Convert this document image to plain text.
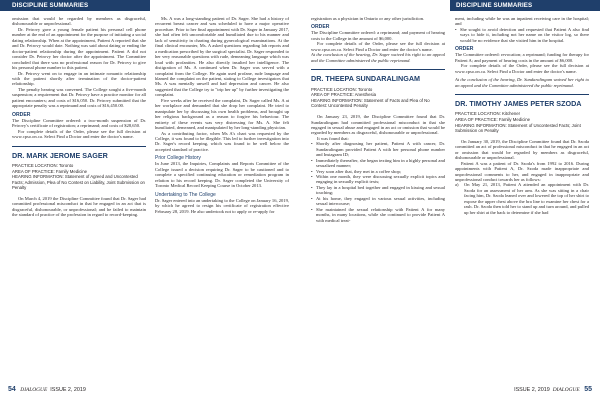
DISCIPLINE SUMMARIES	DISCIPLINE SUMMARIES

omission that would be regarded by members as disgraceful, dishonourable or unprofessional.

Dr. Peirovy gave a young female patient his personal cell phone number at the end of an appointment for the purpose of initiating a social dating relationship. When at the appointment, Patient A reported that she and Dr. Peirovy would date. Nothing was said about dating or ending the doctor-patient relationship during the appointment. Patient A did not consider Dr. Peirovy her doctor after the appointment. The Committee concluded that there was no professional reason for Dr. Peirovy to give his personal phone number to this patient.

Dr. Peirovy went on to engage in an intimate romantic relationship with the patient shortly after termination of the doctor-patient relationship.

The penalty hearing was convened. The College sought a five-month suspension; a requirement that Dr. Peirovy have a practice monitor for all patient encounters; and costs of $16,050. Dr. Peirovy submitted that the appropriate penalty was a reprimand and costs of $16,450.00.

ORDER

The Discipline Committee ordered: a two-month suspension of Dr. Peirovy's certificate of registration; a reprimand; and costs of $28,650.

For complete details of the Order, please see the full decision at www.cpso.on.ca. Select Find a Doctor and enter the doctor's name.

DR. MARK JEROME SAGER
PRACTICE LOCATION: Toronto
AREA OF PRACTICE: Family Medicine
HEARING INFORMATION: Statement of Agreed and Uncontested Facts; Admission, Plea of No Contest on Liability, Joint Submission on Penalty

On March 4, 2019 the Discipline Committee found that Dr. Sager had committed professional misconduct in that he engaged in an act that is disgraceful, dishonourable, or unprofessional; and he failed to maintain the standard of practice of the profession in regard to record-keeping.

Ms. A was a long-standing patient of Dr. Sager. She had a history of recurrent breast cancer and was scheduled to have a major operative procedure. Prior to her final appointment with Dr. Sager in January 2017, she had often felt uncomfortable and humiliated due to his manner and lack of sensitivity in charting during gynecological examinations. At the final clinical encounter, Ms. A asked questions regarding lab reports and a medication prescribed by the surgical specialist. Dr. Sager responded to her very reasonable questions with rude, demeaning language which was loud with profanities. He also directly insulted her intelligence. The distigration of Ms. A continued when Dr. Sager was served with a complaint from the College. He again used profane, rude language and blamed the complaint on the patient, stating to College investigators that Ms. A was mentally unwell and had depression and cancer. He also suggested that the College try to "trip her up" by further investigating the complaint.

Five weeks after he received the complaint, Dr. Sager called Ms. A at her workplace and demanded that she drop her complaint. He tried to manipulate her by discussing his own health problems, and brought up her religious background as a reason to forgive his behaviour. The entirety of these events was very distressing for Ms. A. She felt humiliated, demeaned, and manipulated by her long-standing physician.

As a contributing factor, when Ms A's chart was requested by the College, it was found to be illegible. This led to further investigation into Dr. Sager's record keeping, which was found to be well below the accepted standard of practice.

Prior College History

In June 2013, the Inquiries, Complaints and Reports Committee of the College issued a decision requiring Dr. Sager to be cautioned and to complete a specified continuing education or remediation program in relation to his record keeping. Dr. Sager completed the University of Toronto Medical Record Keeping Course in October 2013.

Undertaking to The College

Dr. Sager entered into an undertaking to the College on January 16, 2019, by which he agreed to resign his certificate of registration effective February 28, 2019. He also undertook not to apply or re-apply for

registration as a physician in Ontario or any other jurisdiction.

ORDER

The Discipline Committee ordered: a reprimand; and payment of hearing costs to the College in the amount of $6,000.

For complete details of the Order, please see the full decision at www.cpso.on.ca. Select Find a Doctor and enter the doctor's name.

At the conclusion of the hearing, Dr. Sager waived his right to an appeal and the Committee administered the public reprimand.

DR. THEEPA SUNDARALINGAM
PRACTICE LOCATION: Toronto
AREA OF PRACTICE: Anesthesia
HEARING INFORMATION: Statement of Facts and Plea of No Contest: Uncontested Penalty

On January 23, 2019, the Discipline Committee found that Dr. Sundaralingam had committed professional misconduct in that she engaged in sexual abuse and engaged in an act or omission that would be regarded by members as disgraceful, dishonourable or unprofessional.

It was found that:

• Shortly after diagnosing her patient, Patient A with cancer, Dr. Sundaralingam provided Patient A with her personal phone number and Instagram ID;
• Immediately thereafter, she began texting him in a highly personal and sexualized manner;
• Very soon after that, they met in a coffee shop;
• Within one month, they were discussing sexually explicit topics and engaging in sexually explicit texts;
• They lay in a hospital bed together and engaged in kissing and sexual touching;
• At his home, they engaged in various sexual activities, including sexual intercourse;
• She maintained the sexual relationship with Patient A for many months, in many locations, while she continued to provide Patient A with medical treat-

ment, including while he was an inpatient receiving care in the hospital; and

• She sought to avoid detection and requested that Patient A also find ways to hide it, including not her name on the visitor log, so there would be no evidence that she visited him in the hospital.
ORDER

The Committee ordered: revocation; a reprimand; funding for therapy for Patient A; and payment of hearing costs in the amount of $6,000.

For complete details of the Order, please see the full decision at www.cpso.on.ca. Select Find a Doctor and enter the doctor's name.

At the conclusion of the hearing, Dr. Sundaralingam waived her right to an appeal and the Committee administered the public reprimand.

DR. TIMOTHY JAMES PETER SZODA
PRACTICE LOCATION: Kitchener
AREA OF PRACTICE: Family Medicine
HEARING INFORMATION: Statement of Uncontested Facts; Joint Submission on Penalty

On January 30, 2019, the Discipline Committee found that Dr. Szoda committed an act of professional misconduct in that he engaged in an act or omission that would be regarded by members as disgraceful, dishonourable or unprofessional.

Patient A was a patient of Dr. Szoda's from 1992 to 2016. During appointments with Patient A, Dr. Szoda made inappropriate and unprofessional comments to her, and engaged in inappropriate and unprofessional conduct towards her as follows:

a) On May 21, 2013, Patient A attended an appointment with Dr. Szoda for an assessment of her arm. As she was sitting in a chair facing him, Dr. Szoda leaned over and lowered the top of her shirt to expose the upper chest above the bra line to examine her chest for a rash. Dr. Szoda then told her to stand up and turn around, and pulled up her shirt at the back to determine if she had
54 DIALOGUE ISSUE 2, 2019	ISSUE 2, 2019 DIALOGUE 55
